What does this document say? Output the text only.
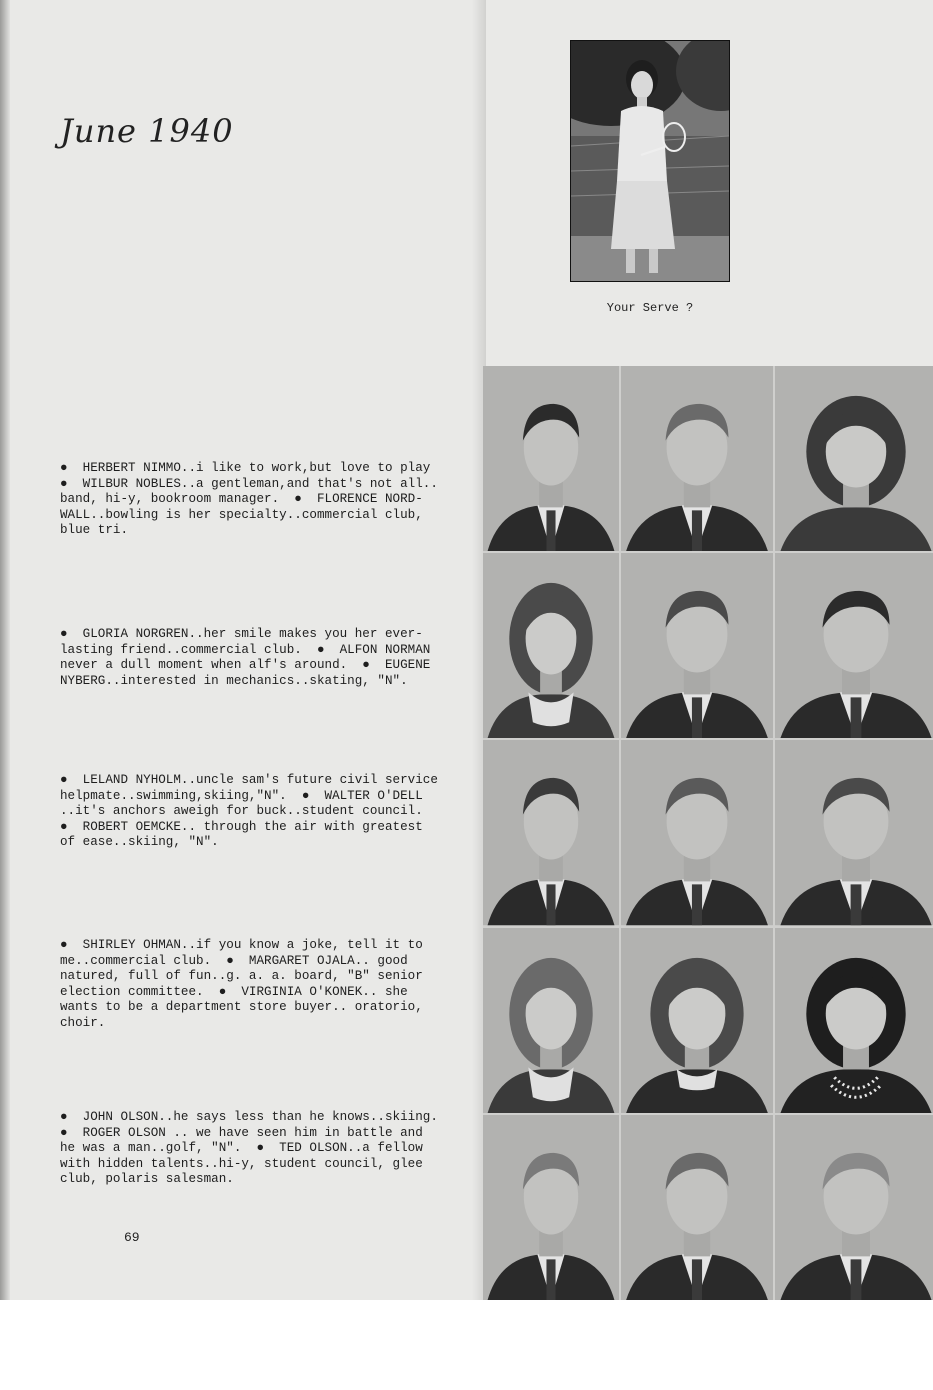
June 1940
Your Serve ?

●  HERBERT NIMMO..i like to work,but love to play
●  WILBUR NOBLES..a gentleman,and that's not all..
band, hi-y, bookroom manager.  ●  FLORENCE NORD-
WALL..bowling is her specialty..commercial club,
blue tri.

●  GLORIA NORGREN..her smile makes you her ever-
lasting friend..commercial club.  ●  ALFON NORMAN
never a dull moment when alf's around.  ●  EUGENE
NYBERG..interested in mechanics..skating, "N".

●  LELAND NYHOLM..uncle sam's future civil service
helpmate..swimming,skiing,"N".  ●  WALTER O'DELL
..it's anchors aweigh for buck..student council.
●  ROBERT OEMCKE.. through the air with greatest
of ease..skiing, "N".

●  SHIRLEY OHMAN..if you know a joke, tell it to
me..commercial club.  ●  MARGARET OJALA.. good
natured, full of fun..g. a. a. board, "B" senior
election committee.  ●  VIRGINIA O'KONEK.. she
wants to be a department store buyer.. oratorio,
choir.

●  JOHN OLSON..he says less than he knows..skiing.
●  ROGER OLSON .. we have seen him in battle and
he was a man..golf, "N".  ●  TED OLSON..a fellow
with hidden talents..hi-y, student council, glee
club, polaris salesman.

69
